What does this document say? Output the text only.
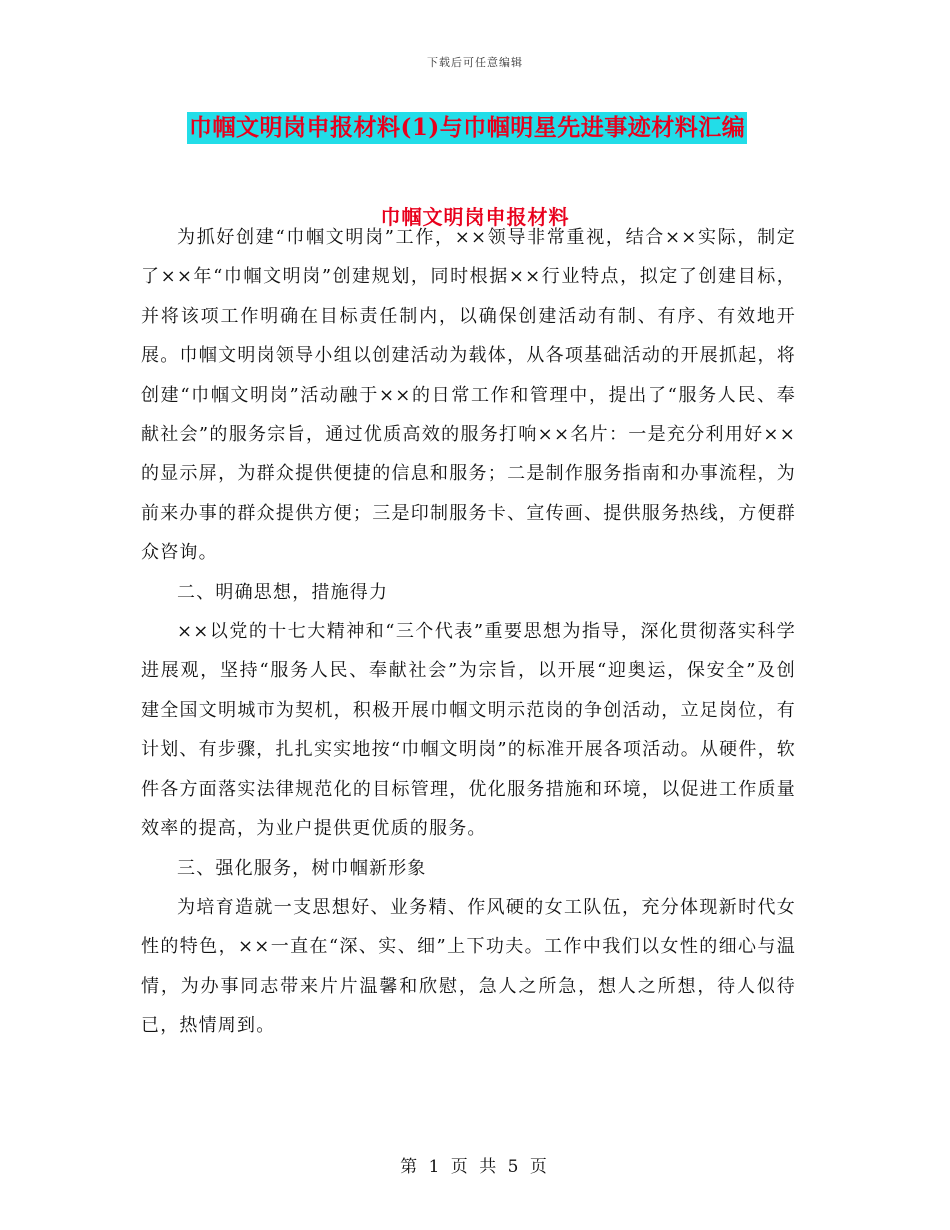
下载后可任意编辑
巾帼文明岗申报材料(1)与巾帼明星先进事迹材料汇编
巾帼文明岗申报材料

为抓好创建“巾帼文明岗”工作，××领导非常重视，结合××实际，制定了××年“巾帼文明岗”创建规划，同时根据××行业特点，拟定了创建目标，并将该项工作明确在目标责任制内，以确保创建活动有制、有序、有效地开展。巾帼文明岗领导小组以创建活动为载体，从各项基础活动的开展抓起，将创建“巾帼文明岗”活动融于××的日常工作和管理中，提出了“服务人民、奉献社会”的服务宗旨，通过优质高效的服务打响××名片：一是充分利用好××的显示屏，为群众提供便捷的信息和服务；二是制作服务指南和办事流程，为前来办事的群众提供方便；三是印制服务卡、宣传画、提供服务热线，方便群众咨询。

二、明确思想，措施得力

××以党的十七大精神和“三个代表”重要思想为指导，深化贯彻落实科学进展观，坚持“服务人民、奉献社会”为宗旨，以开展“迎奥运，保安全”及创建全国文明城市为契机，积极开展巾帼文明示范岗的争创活动，立足岗位，有计划、有步骤，扎扎实实地按“巾帼文明岗”的标准开展各项活动。从硬件，软件各方面落实法律规范化的目标管理，优化服务措施和环境，以促进工作质量效率的提高，为业户提供更优质的服务。

三、强化服务，树巾帼新形象

为培育造就一支思想好、业务精、作风硬的女工队伍，充分体现新时代女性的特色，××一直在“深、实、细”上下功夫。工作中我们以女性的细心与温情，为办事同志带来片片温馨和欣慰，急人之所急，想人之所想，待人似待已，热情周到。

第 1 页 共 5 页
